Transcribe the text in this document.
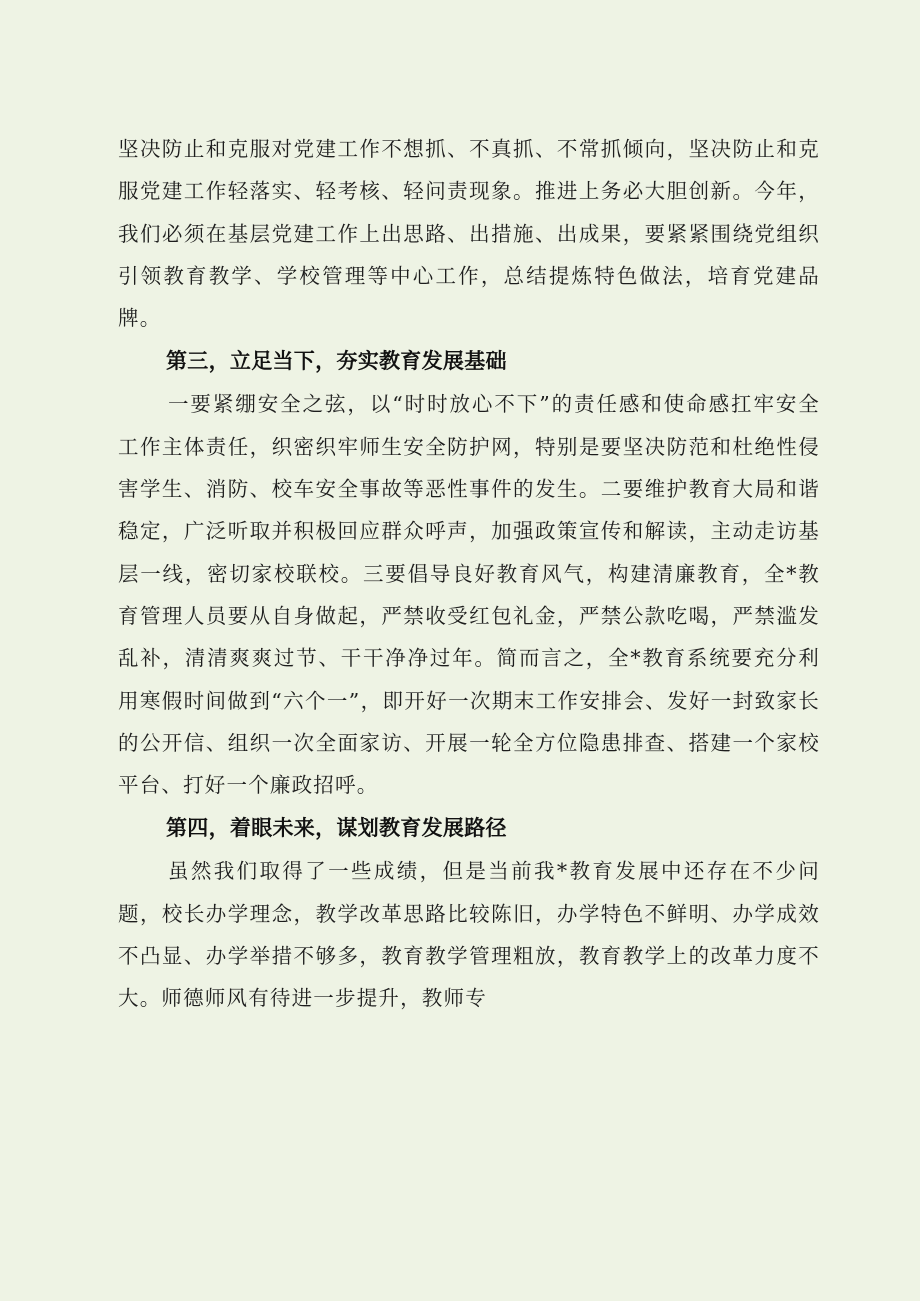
坚决防止和克服对党建工作不想抓、不真抓、不常抓倾向，坚决防止和克服党建工作轻落实、轻考核、轻问责现象。推进上务必大胆创新。今年，我们必须在基层党建工作上出思路、出措施、出成果，要紧紧围绕党组织引领教育教学、学校管理等中心工作，总结提炼特色做法，培育党建品牌。

第三，立足当下，夯实教育发展基础

一要紧绷安全之弦，以“时时放心不下”的责任感和使命感扛牢安全工作主体责任，织密织牢师生安全防护网，特别是要坚决防范和杜绝性侵害学生、消防、校车安全事故等恶性事件的发生。二要维护教育大局和谐稳定，广泛听取并积极回应群众呼声，加强政策宣传和解读，主动走访基层一线，密切家校联校。三要倡导良好教育风气，构建清廉教育，全*教育管理人员要从自身做起，严禁收受红包礼金，严禁公款吃喝，严禁滥发乱补，清清爽爽过节、干干净净过年。简而言之，全*教育系统要充分利用寒假时间做到“六个一”，即开好一次期末工作安排会、发好一封致家长的公开信、组织一次全面家访、开展一轮全方位隐患排查、搭建一个家校平台、打好一个廉政招呼。

第四，着眼未来，谋划教育发展路径

虽然我们取得了一些成绩，但是当前我*教育发展中还存在不少问题，校长办学理念，教学改革思路比较陈旧，办学特色不鲜明、办学成效不凸显、办学举措不够多，教育教学管理粗放，教育教学上的改革力度不大。师德师风有待进一步提升，教师专
